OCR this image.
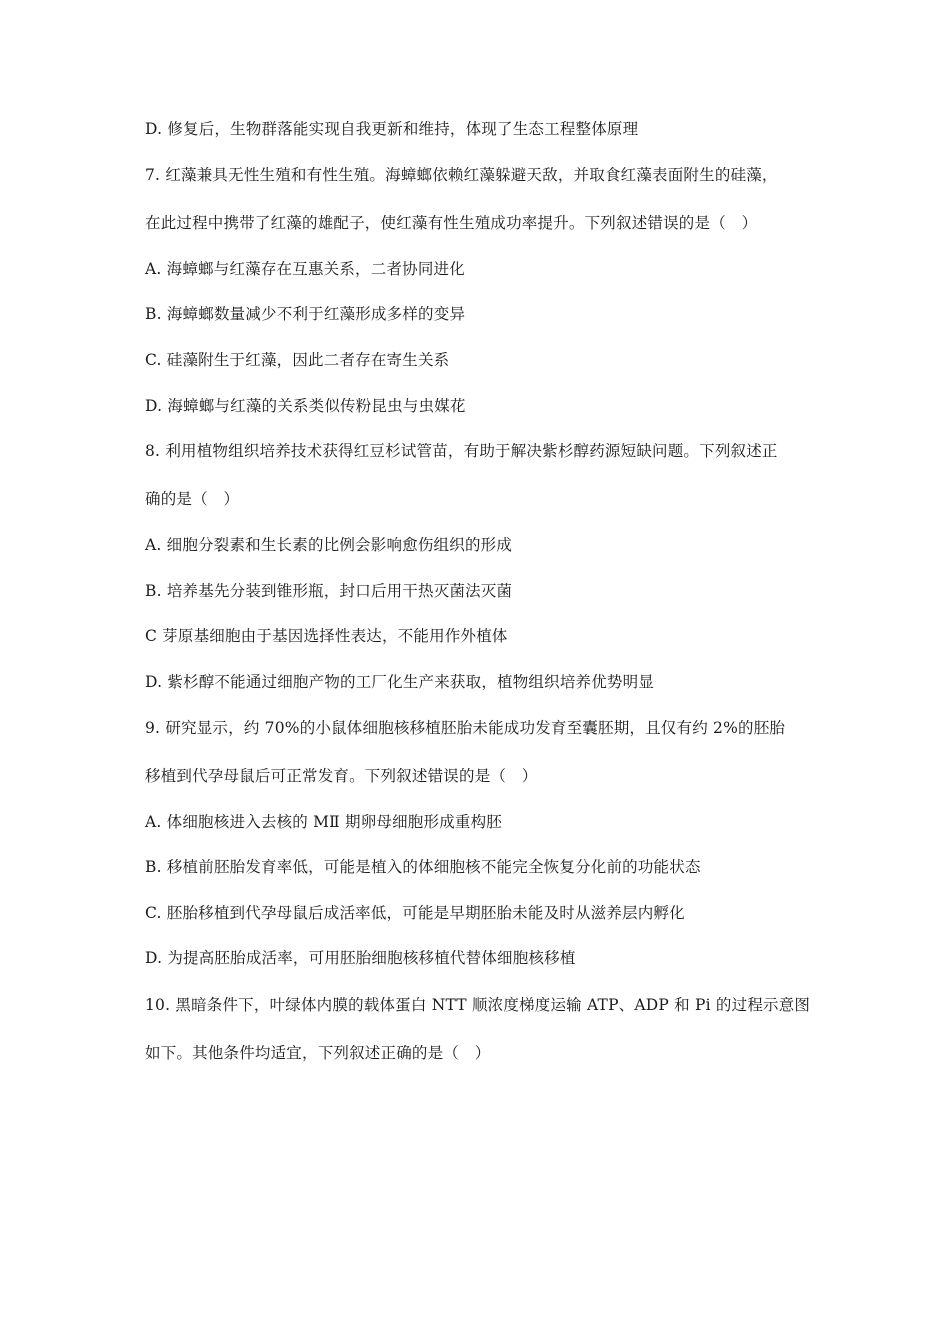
D. 修复后，生物群落能实现自我更新和维持，体现了生态工程整体原理
7. 红藻兼具无性生殖和有性生殖。海蟑螂依赖红藻躲避天敌，并取食红藻表面附生的硅藻，
在此过程中携带了红藻的雄配子，使红藻有性生殖成功率提升。下列叙述错误的是（　）
A. 海蟑螂与红藻存在互惠关系，二者协同进化
B. 海蟑螂数量减少不利于红藻形成多样的变异
C. 硅藻附生于红藻，因此二者存在寄生关系
D. 海蟑螂与红藻的关系类似传粉昆虫与虫媒花
8. 利用植物组织培养技术获得红豆杉试管苗，有助于解决紫杉醇药源短缺问题。下列叙述正
确的是（　）
A. 细胞分裂素和生长素的比例会影响愈伤组织的形成
B. 培养基先分装到锥形瓶，封口后用干热灭菌法灭菌
C 芽原基细胞由于基因选择性表达，不能用作外植体
D. 紫杉醇不能通过细胞产物的工厂化生产来获取，植物组织培养优势明显
9. 研究显示，约 70%的小鼠体细胞核移植胚胎未能成功发育至囊胚期，且仅有约 2%的胚胎
移植到代孕母鼠后可正常发育。下列叙述错误的是（　）
A. 体细胞核进入去核的 MⅡ 期卵母细胞形成重构胚
B. 移植前胚胎发育率低，可能是植入的体细胞核不能完全恢复分化前的功能状态
C. 胚胎移植到代孕母鼠后成活率低，可能是早期胚胎未能及时从滋养层内孵化
D. 为提高胚胎成活率，可用胚胎细胞核移植代替体细胞核移植
10. 黑暗条件下，叶绿体内膜的载体蛋白 NTT 顺浓度梯度运输 ATP、ADP 和 Pi 的过程示意图
如下。其他条件均适宜，下列叙述正确的是（　）
